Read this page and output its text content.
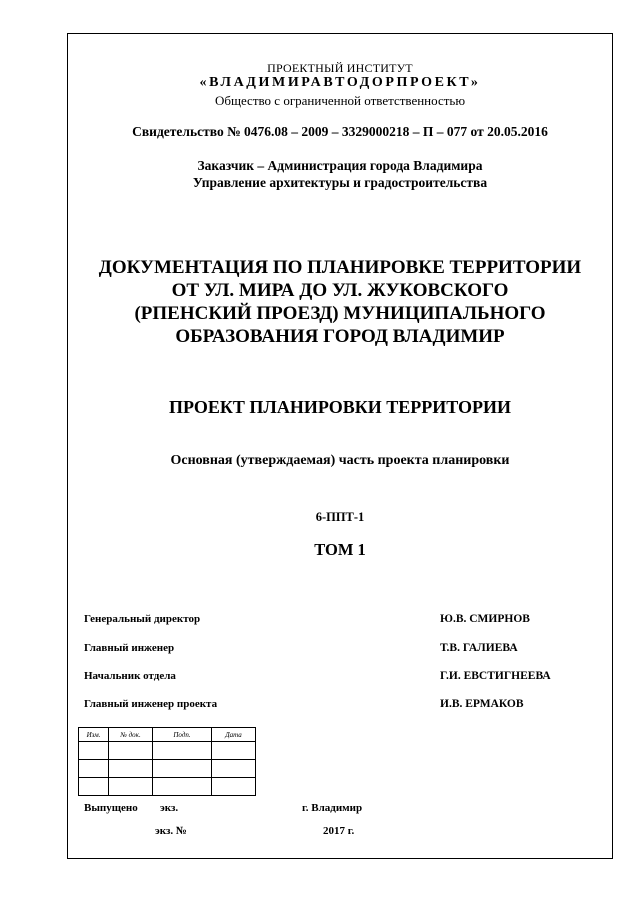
ПРОЕКТНЫЙ ИНСТИТУТ
«ВЛАДИМИРАВТОДОРПРОЕКТ»
Общество с ограниченной ответственностью
Свидетельство № 0476.08 – 2009 – 3329000218 – П – 077 от 20.05.2016
Заказчик – Администрация города Владимира
Управление архитектуры и градостроительства
ДОКУМЕНТАЦИЯ ПО ПЛАНИРОВКЕ ТЕРРИТОРИИ
ОТ УЛ. МИРА ДО УЛ. ЖУКОВСКОГО
(РПЕНСКИЙ ПРОЕЗД) МУНИЦИПАЛЬНОГО
ОБРАЗОВАНИЯ ГОРОД ВЛАДИМИР
ПРОЕКТ ПЛАНИРОВКИ ТЕРРИТОРИИ
Основная (утверждаемая) часть проекта планировки
6-ППТ-1
ТОМ 1
Генеральный директор	Ю.В. СМИРНОВ
Главный инженер	Т.В. ГАЛИЕВА
Начальник отдела	Г.И. ЕВСТИГНЕЕВА
Главный инженер проекта	И.В. ЕРМАКОВ
Изм.	№ док.	Подп.	Дата

Выпущено экз.	г. Владимир
экз. №	2017 г.
